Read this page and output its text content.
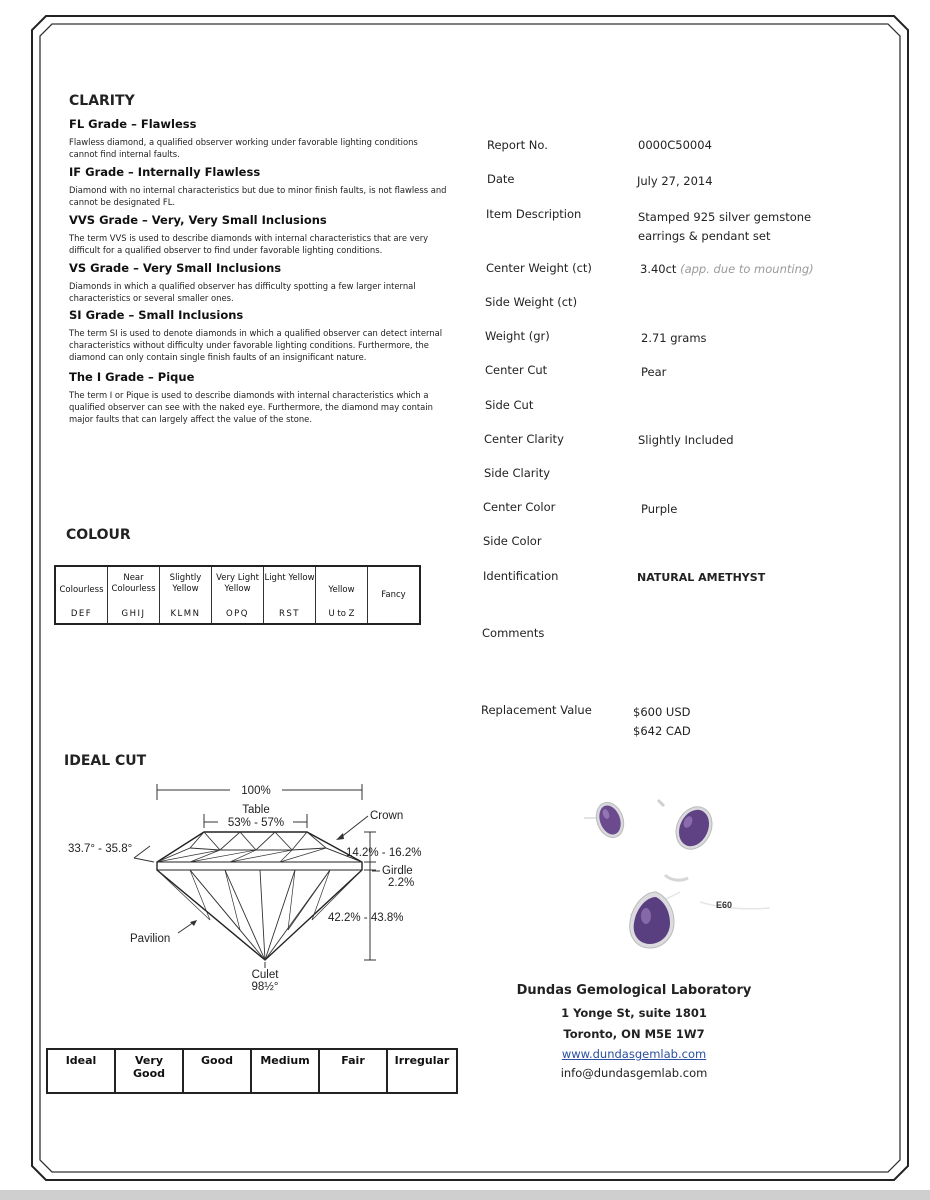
CLARITY
FL Grade – Flawless
Flawless diamond, a qualified observer working under favorable lighting conditions cannot find internal faults.
IF Grade – Internally Flawless
Diamond with no internal characteristics but due to minor finish faults, is not flawless and cannot be designated FL.
VVS Grade – Very, Very Small Inclusions
The term VVS is used to describe diamonds with internal characteristics that are very difficult for a qualified observer to find under favorable lighting conditions.
VS Grade – Very Small Inclusions
Diamonds in which a qualified observer has difficulty spotting a few larger internal characteristics or several smaller ones.
SI Grade – Small Inclusions
The term SI is used to denote diamonds in which a qualified observer can detect internal characteristics without difficulty under favorable lighting conditions. Furthermore, the diamond can only contain single finish faults of an insignificant nature.
The I Grade – Pique
The term I or Pique is used to describe diamonds with internal characteristics which a qualified observer can see with the naked eye. Furthermore, the diamond may contain major faults that can largely affect the value of the stone.
COLOUR
Colourless
DEF

Near Colourless
GHIJ

Slightly Yellow
KLMN

Very Light Yellow
OPQ

Light Yellow
RST

Yellow
U to Z
	Fancy
IDEAL CUT
100%
Table
53% - 57%
Crown
33.7° - 35.8°	14.2% - 16.2%
Girdle
2.2%
42.2% - 43.8%
Pavilion
Culet
98½°
Ideal	Very Good	Good	Medium	Fair	Irregular
Report No.	0000C50004
Date	July 27, 2014
Item Description	Stamped 925 silver gemstone earrings & pendant set
Center Weight (ct)	3.40ct (app. due to mounting)
Side Weight (ct)
Weight (gr)	2.71 grams
Center Cut	Pear
Side Cut
Center Clarity	Slightly Included
Side Clarity
Center Color	Purple
Side Color
Identification	NATURAL AMETHYST
Comments
Replacement Value	$600 USD
$642 CAD
E60
Dundas Gemological Laboratory
1 Yonge St, suite 1801
Toronto, ON M5E 1W7
www.dundasgemlab.com
info@dundasgemlab.com
